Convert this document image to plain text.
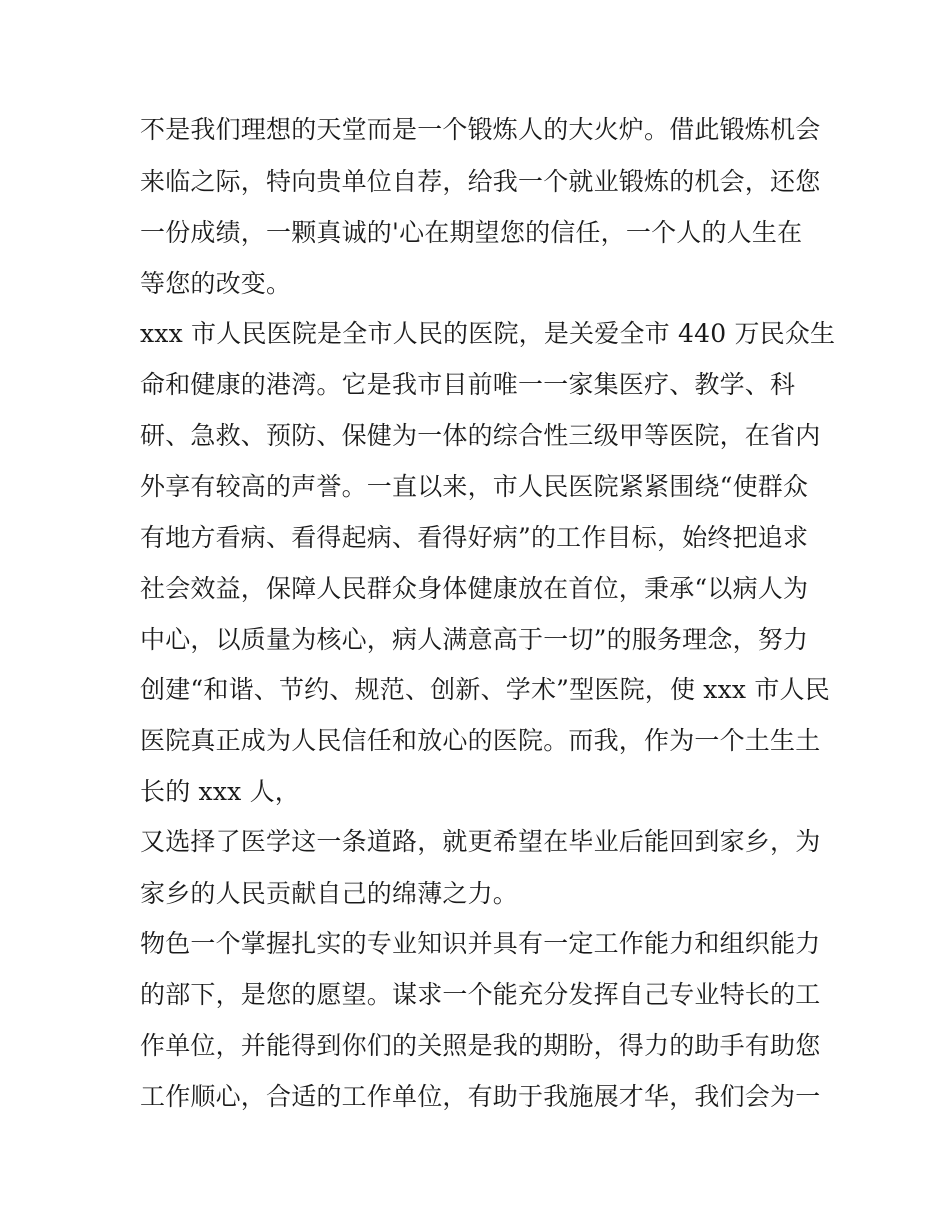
不是我们理想的天堂而是一个锻炼人的大火炉。借此锻炼机会
来临之际，特向贵单位自荐，给我一个就业锻炼的机会，还您
一份成绩，一颗真诚的'心在期望您的信任，一个人的人生在
等您的改变。
xxx 市人民医院是全市人民的医院，是关爱全市 440 万民众生
命和健康的港湾。它是我市目前唯一一家集医疗、教学、科
研、急救、预防、保健为一体的综合性三级甲等医院，在省内
外享有较高的声誉。一直以来，市人民医院紧紧围绕“使群众
有地方看病、看得起病、看得好病”的工作目标，始终把追求
社会效益，保障人民群众身体健康放在首位，秉承“以病人为
中心，以质量为核心，病人满意高于一切”的服务理念，努力
创建“和谐、节约、规范、创新、学术”型医院，使 xxx 市人民
医院真正成为人民信任和放心的医院。而我，作为一个土生土
长的 xxx 人，
又选择了医学这一条道路，就更希望在毕业后能回到家乡，为
家乡的人民贡献自己的绵薄之力。
物色一个掌握扎实的专业知识并具有一定工作能力和组织能力
的部下，是您的愿望。谋求一个能充分发挥自己专业特长的工
作单位，并能得到你们的关照是我的期盼，得力的助手有助您
工作顺心，合适的工作单位，有助于我施展才华，我们会为一
